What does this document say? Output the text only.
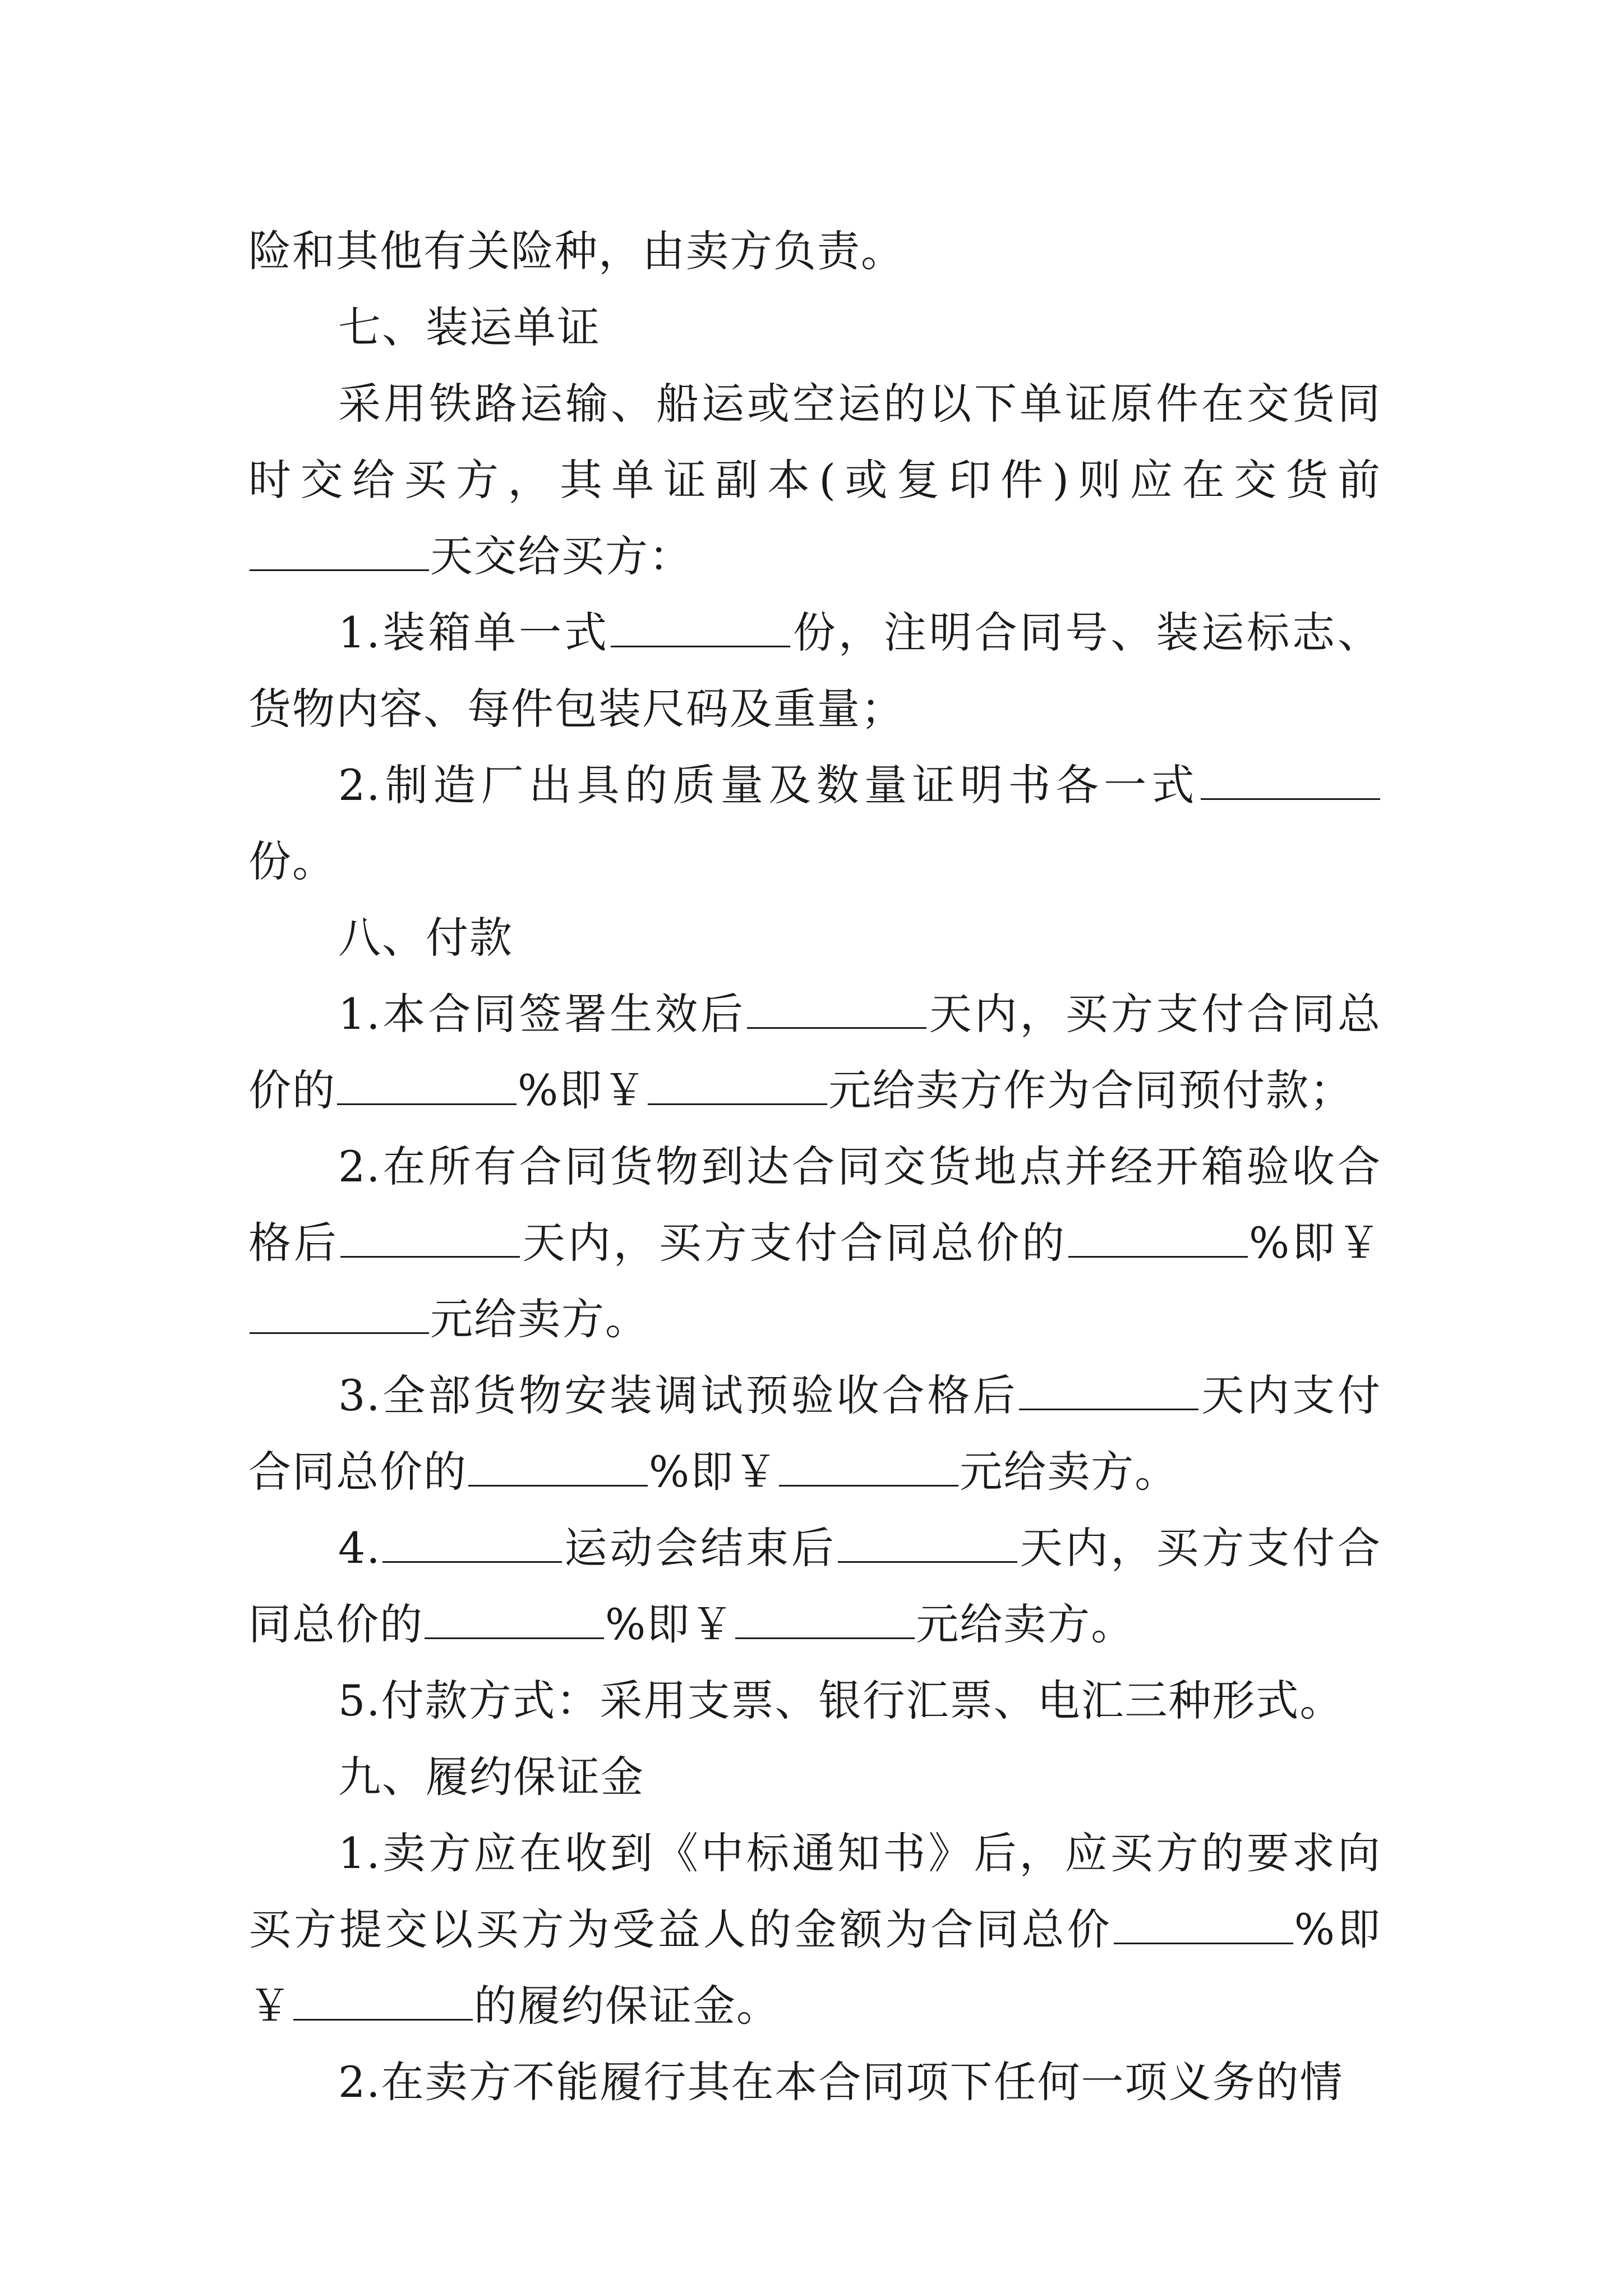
险和其他有关险种，由卖方负责。

七、装运单证

采用铁路运输、船运或空运的以下单证原件在交货同时交给买方，其单证副本(或复印件)则应在交货前天交给买方：

1.装箱单一式	份，注明合同号、装运标志、货物内容、每件包装尺码及重量；

2.制造厂出具的质量及数量证明书各一式份。

八、付款

1.本合同签署生效后	天内，买方支付合同总价的	%即￥	元给卖方作为合同预付款；

2.在所有合同货物到达合同交货地点并经开箱验收合格后	天内，买方支付合同总价的	%即￥元给卖方。

3.全部货物安装调试预验收合格后	天内支付合同总价的	%即￥	元给卖方。

4.	运动会结束后	天内，买方支付合同总价的	%即￥	元给卖方。

5.付款方式：采用支票、银行汇票、电汇三种形式。

九、履约保证金

1.卖方应在收到《中标通知书》后，应买方的要求向买方提交以买方为受益人的金额为合同总价	%即￥	的履约保证金。

2.在卖方不能履行其在本合同项下任何一项义务的情
